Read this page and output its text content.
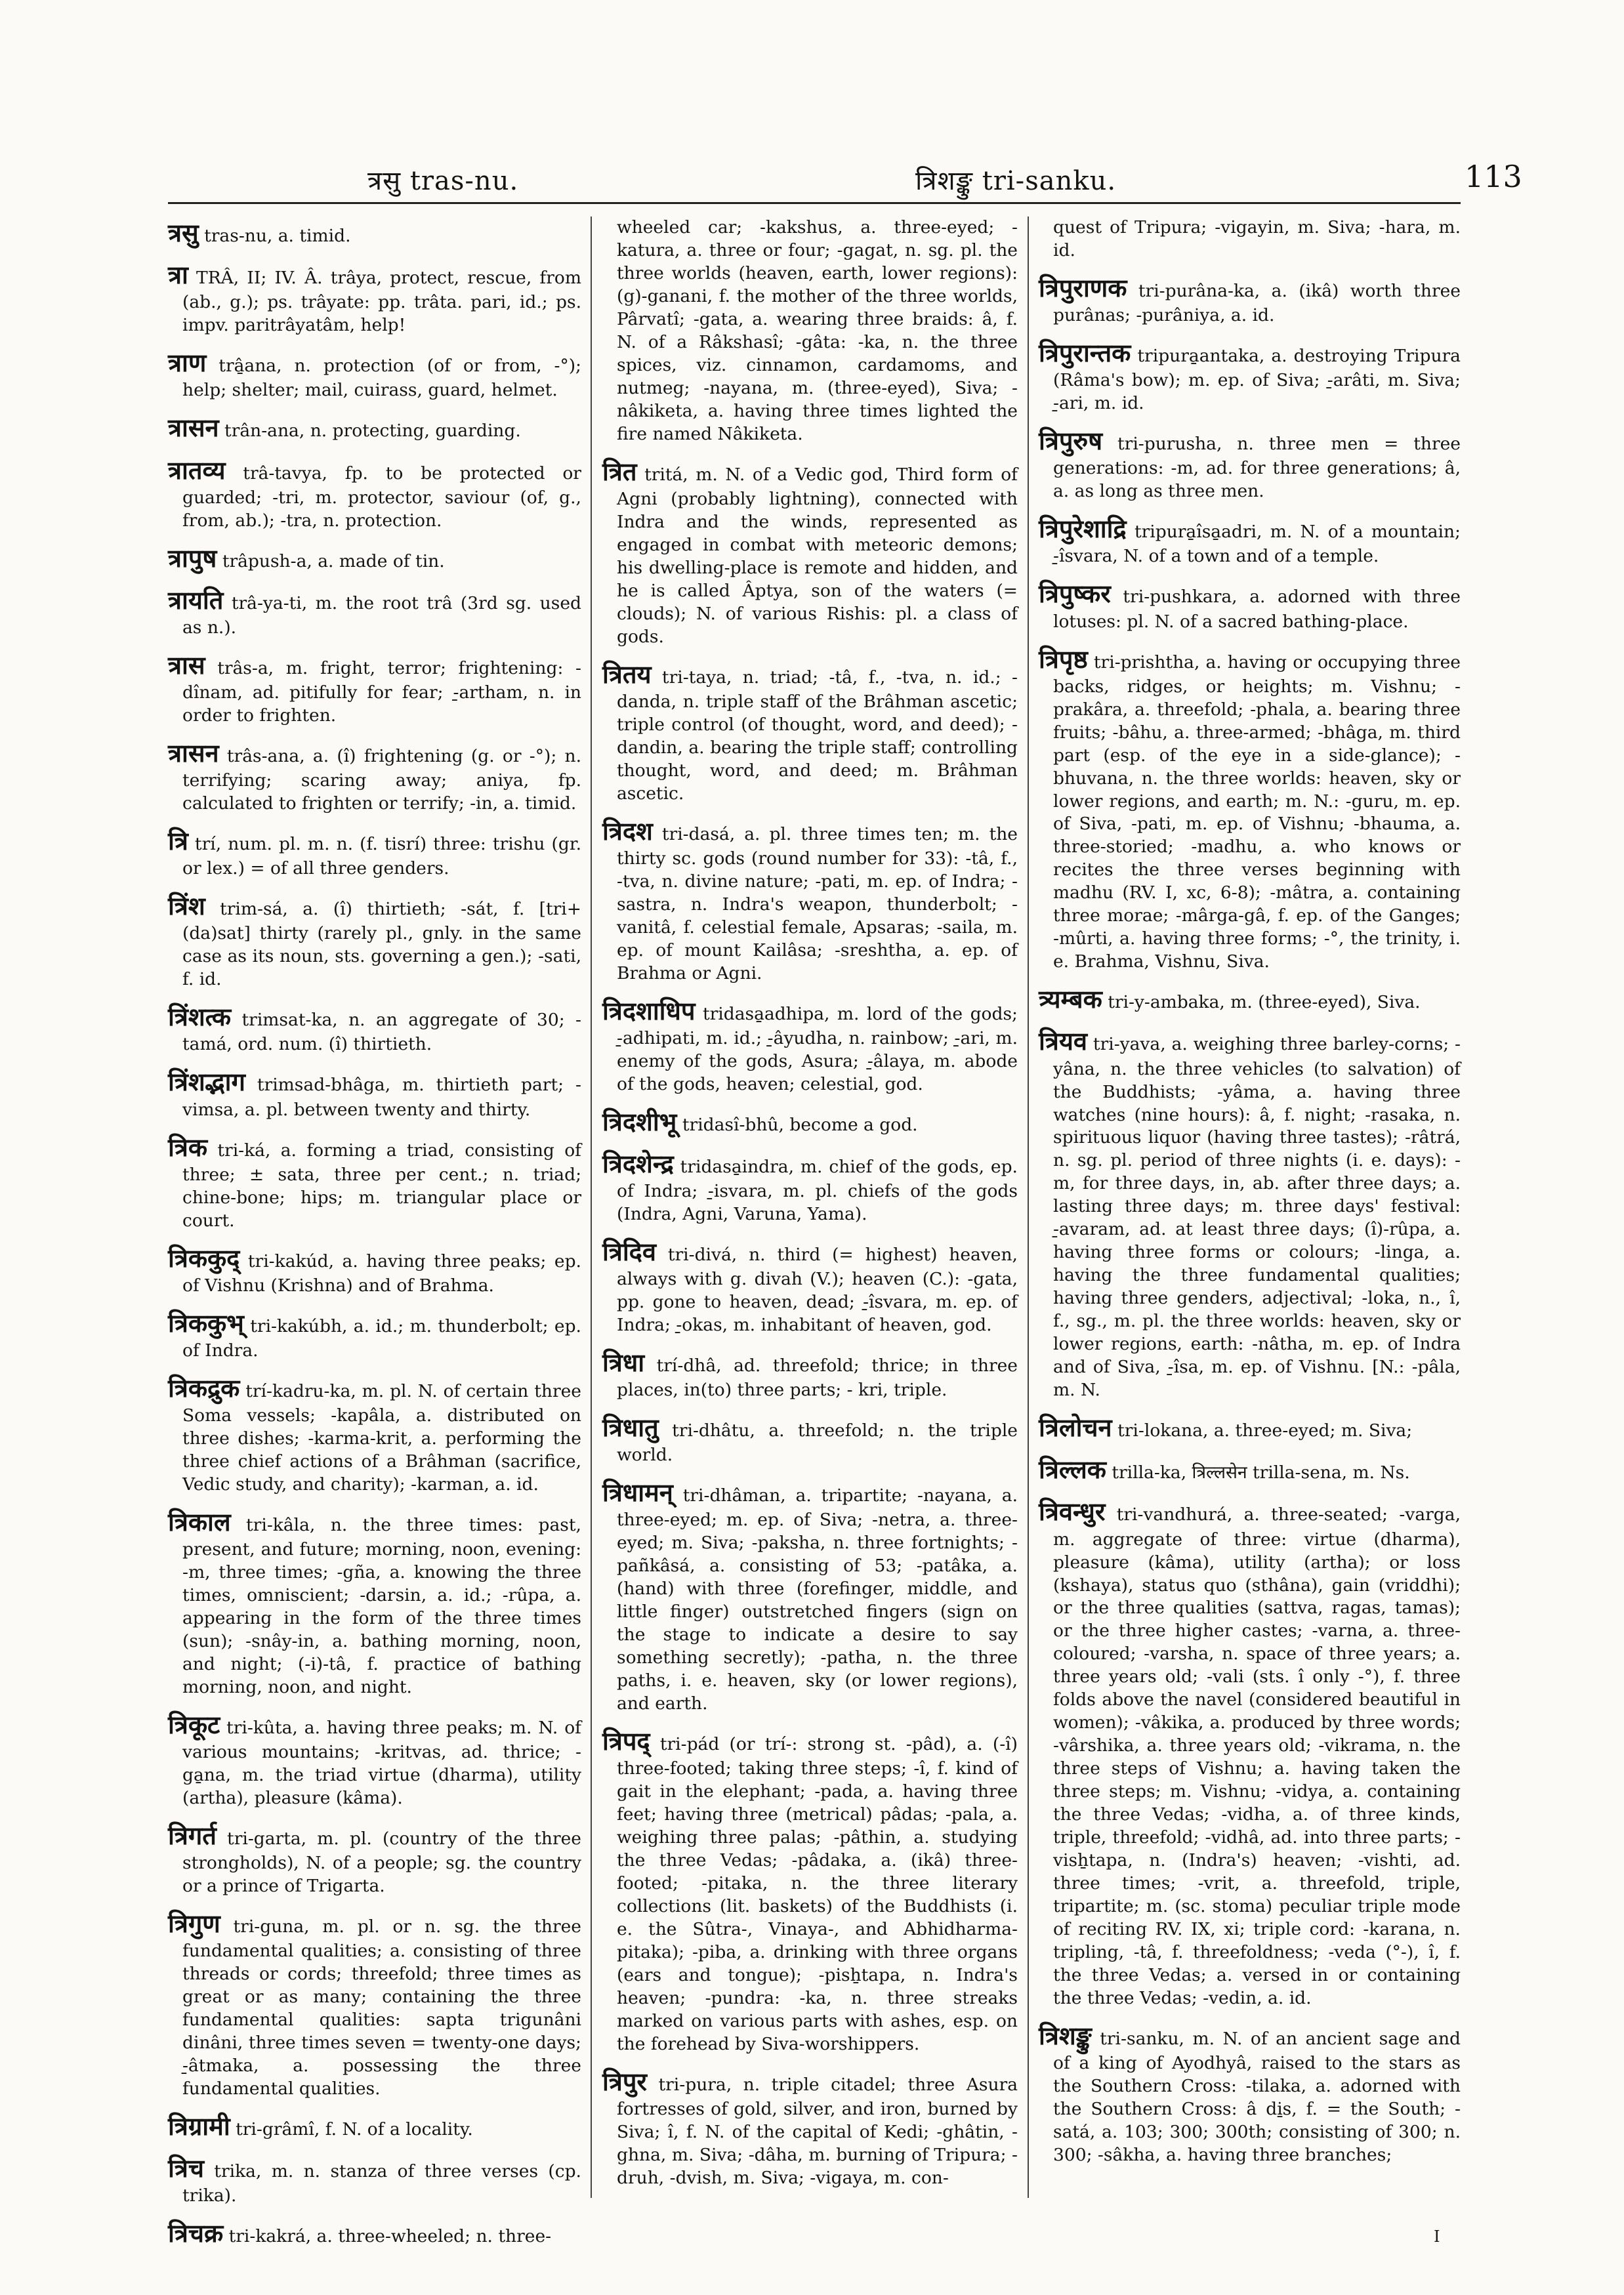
त्रसु tras-nu.	त्रिशङ्कु tri-sanku.	113
त्रसु tras-nu, a. timid.
त्रा TRÂ, II; IV. Â. trâya, protect, rescue, from (ab., g.); ps. trâyate: pp. trâta. pari, id.; ps. impv. paritrâyatâm, help!
त्राण trâ̱ana, n. protection (of or from, -°); help; shelter; mail, cuirass, guard, helmet.
त्रासन trân-ana, n. protecting, guarding.
त्रातव्य trâ-tavya, fp. to be protected or guarded; -tri, m. protector, saviour (of, g., from, ab.); -tra, n. protection.
त्रापुष trâpush-a, a. made of tin.
त्रायति trâ-ya-ti, m. the root trâ (3rd sg. used as n.).
त्रास trâs-a, m. fright, terror; frightening: -dînam, ad. pitifully for fear; -̱artham, n. in order to frighten.
त्रासन trâs-ana, a. (î) frightening (g. or -°); n. terrifying; scaring away; aniya, fp. calculated to frighten or terrify; -in, a. timid.
त्रि trí, num. pl. m. n. (f. tisrí) three: trishu (gr. or lex.) = of all three genders.
त्रिंश trim-sá, a. (î) thirtieth; -sát, f. [tri+(da)sat] thirty (rarely pl., gnly. in the same case as its noun, sts. governing a gen.); -sati, f. id.
त्रिंशत्क trimsat-ka, n. an aggregate of 30; -tamá, ord. num. (î) thirtieth.
त्रिंशद्भाग trimsad-bhâga, m. thirtieth part; -vimsa, a. pl. between twenty and thirty.
त्रिक tri-ká, a. forming a triad, consisting of three; ± sata, three per cent.; n. triad; chine-bone; hips; m. triangular place or court.
त्रिककुद् tri-kakúd, a. having three peaks; ep. of Vishnu (Krishna) and of Brahma.
त्रिककुभ् tri-kakúbh, a. id.; m. thunderbolt; ep. of Indra.
त्रिकद्रुक trí-kadru-ka, m. pl. N. of certain three Soma vessels; -kapâla, a. distributed on three dishes; -karma-krit, a. performing the three chief actions of a Brâhman (sacrifice, Vedic study, and charity); -karman, a. id.
त्रिकाल tri-kâla, n. the three times: past, present, and future; morning, noon, evening: -m, three times; -gña, a. knowing the three times, omniscient; -darsin, a. id.; -rûpa, a. appearing in the form of the three times (sun); -snây-in, a. bathing morning, noon, and night; (-i)-tâ, f. practice of bathing morning, noon, and night.
त्रिकूट tri-kûta, a. having three peaks; m. N. of various mountains; -kritvas, ad. thrice; -ga̱na, m. the triad virtue (dharma), utility (artha), pleasure (kâma).
त्रिगर्त tri-garta, m. pl. (country of the three strongholds), N. of a people; sg. the country or a prince of Trigarta.
त्रिगुण tri-guna, m. pl. or n. sg. the three fundamental qualities; a. consisting of three threads or cords; threefold; three times as great or as many; containing the three fundamental qualities: sapta trigunâni dinâni, three times seven = twenty-one days; -̱âtmaka, a. possessing the three fundamental qualities.
त्रिग्रामी tri-grâmî, f. N. of a locality.
त्रिच trika, m. n. stanza of three verses (cp. trika).
त्रिचक्र tri-kakrá, a. three-wheeled; n. three-
wheeled car; -kakshus, a. three-eyed; -katura, a. three or four; -gagat, n. sg. pl. the three worlds (heaven, earth, lower regions): (g)-ganani, f. the mother of the three worlds, Pârvatî; -gata, a. wearing three braids: â, f. N. of a Râkshasî; -gâta: -ka, n. the three spices, viz. cinnamon, cardamoms, and nutmeg; -nayana, m. (three-eyed), Siva; -nâkiketa, a. having three times lighted the fire named Nâkiketa.
त्रित tritá, m. N. of a Vedic god, Third form of Agni (probably lightning), connected with Indra and the winds, represented as engaged in combat with meteoric demons; his dwelling-place is remote and hidden, and he is called Âptya, son of the waters (= clouds); N. of various Rishis: pl. a class of gods.
त्रितय tri-taya, n. triad; -tâ, f., -tva, n. id.; -danda, n. triple staff of the Brâhman ascetic; triple control (of thought, word, and deed); -dandin, a. bearing the triple staff; controlling thought, word, and deed; m. Brâhman ascetic.
त्रिदश tri-dasá, a. pl. three times ten; m. the thirty sc. gods (round number for 33): -tâ, f., -tva, n. divine nature; -pati, m. ep. of Indra; -sastra, n. Indra's weapon, thunderbolt; -vanitâ, f. celestial female, Apsaras; -saila, m. ep. of mount Kailâsa; -sreshtha, a. ep. of Brahma or Agni.
त्रिदशाधिप tridasa̱adhipa, m. lord of the gods; -̱adhipati, m. id.; -̱âyudha, n. rainbow; -̱ari, m. enemy of the gods, Asura; -̱âlaya, m. abode of the gods, heaven; celestial, god.
त्रिदशीभू tridasî-bhû, become a god.
त्रिदशेन्द्र tridasa̱indra, m. chief of the gods, ep. of Indra; -̱isvara, m. pl. chiefs of the gods (Indra, Agni, Varuna, Yama).
त्रिदिव tri-divá, n. third (= highest) heaven, always with g. divah (V.); heaven (C.): -gata, pp. gone to heaven, dead; -̱îsvara, m. ep. of Indra; -̱okas, m. inhabitant of heaven, god.
त्रिधा trí-dhâ, ad. threefold; thrice; in three places, in(to) three parts; - kri, triple.
त्रिधातु tri-dhâtu, a. threefold; n. the triple world.
त्रिधामन् tri-dhâman, a. tripartite; -nayana, a. three-eyed; m. ep. of Siva; -netra, a. three-eyed; m. Siva; -paksha, n. three fortnights; -pañkâsá, a. consisting of 53; -patâka, a. (hand) with three (forefinger, middle, and little finger) outstretched fingers (sign on the stage to indicate a desire to say something secretly); -patha, n. the three paths, i. e. heaven, sky (or lower regions), and earth.
त्रिपद् tri-pád (or trí-: strong st. -pâd), a. (-î) three-footed; taking three steps; -î, f. kind of gait in the elephant; -pada, a. having three feet; having three (metrical) pâdas; -pala, a. weighing three palas; -pâthin, a. studying the three Vedas; -pâdaka, a. (ikâ) three-footed; -pitaka, n. the three literary collections (lit. baskets) of the Buddhists (i. e. the Sûtra-, Vinaya-, and Abhidharma-pitaka); -piba, a. drinking with three organs (ears and tongue); -pisẖtapa, n. Indra's heaven; -pundra: -ka, n. three streaks marked on various parts with ashes, esp. on the forehead by Siva-worshippers.
त्रिपुर tri-pura, n. triple citadel; three Asura fortresses of gold, silver, and iron, burned by Siva; î, f. N. of the capital of Kedi; -ghâtin, -ghna, m. Siva; -dâha, m. burning of Tripura; -druh, -dvish, m. Siva; -vigaya, m. con-
quest of Tripura; -vigayin, m. Siva; -hara, m. id.
त्रिपुराणक tri-purâna-ka, a. (ikâ) worth three purânas; -purâniya, a. id.
त्रिपुरान्तक tripura̱antaka, a. destroying Tripura (Râma's bow); m. ep. of Siva; -̱arâti, m. Siva; -̱ari, m. id.
त्रिपुरुष tri-purusha, n. three men = three generations: -m, ad. for three generations; â, a. as long as three men.
त्रिपुरेशाद्रि tripura̱îsa̱adri, m. N. of a mountain; -̱îsvara, N. of a town and of a temple.
त्रिपुष्कर tri-pushkara, a. adorned with three lotuses: pl. N. of a sacred bathing-place.
त्रिपृष्ठ tri-prishtha, a. having or occupying three backs, ridges, or heights; m. Vishnu; -prakâra, a. threefold; -phala, a. bearing three fruits; -bâhu, a. three-armed; -bhâga, m. third part (esp. of the eye in a side-glance); -bhuvana, n. the three worlds: heaven, sky or lower regions, and earth; m. N.: -guru, m. ep. of Siva, -pati, m. ep. of Vishnu; -bhauma, a. three-storied; -madhu, a. who knows or recites the three verses beginning with madhu (RV. I, xc, 6-8); -mâtra, a. containing three morae; -mârga-gâ, f. ep. of the Ganges; -mûrti, a. having three forms; -°, the trinity, i. e. Brahma, Vishnu, Siva.
त्र्यम्बक tri-y-ambaka, m. (three-eyed), Siva.
त्रियव tri-yava, a. weighing three barley-corns; -yâna, n. the three vehicles (to salvation) of the Buddhists; -yâma, a. having three watches (nine hours): â, f. night; -rasaka, n. spirituous liquor (having three tastes); -râtrá, n. sg. pl. period of three nights (i. e. days): -m, for three days, in, ab. after three days; a. lasting three days; m. three days' festival: -̱avaram, ad. at least three days; (î)-rûpa, a. having three forms or colours; -linga, a. having the three fundamental qualities; having three genders, adjectival; -loka, n., î, f., sg., m. pl. the three worlds: heaven, sky or lower regions, earth: -nâtha, m. ep. of Indra and of Siva, -̱îsa, m. ep. of Vishnu. [N.: -pâla, m. N.
त्रिलोचन tri-lokana, a. three-eyed; m. Siva;
त्रिल्लक trilla-ka, त्रिल्लसेन trilla-sena, m. Ns.
त्रिवन्धुर tri-vandhurá, a. three-seated; -varga, m. aggregate of three: virtue (dharma), pleasure (kâma), utility (artha); or loss (kshaya), status quo (sthâna), gain (vriddhi); or the three qualities (sattva, ragas, tamas); or the three higher castes; -varna, a. three-coloured; -varsha, n. space of three years; a. three years old; -vali (sts. î only -°), f. three folds above the navel (considered beautiful in women); -vâkika, a. produced by three words; -vârshika, a. three years old; -vikrama, n. the three steps of Vishnu; a. having taken the three steps; m. Vishnu; -vidya, a. containing the three Vedas; -vidha, a. of three kinds, triple, threefold; -vidhâ, ad. into three parts; -visẖtapa, n. (Indra's) heaven; -vishti, ad. three times; -vrit, a. threefold, triple, tripartite; m. (sc. stoma) peculiar triple mode of reciting RV. IX, xi; triple cord: -karana, n. tripling, -tâ, f. threefoldness; -veda (°-), î, f. the three Vedas; a. versed in or containing the three Vedas; -vedin, a. id.
त्रिशङ्कु tri-sanku, m. N. of an ancient sage and of a king of Ayodhyâ, raised to the stars as the Southern Cross: -tilaka, a. adorned with the Southern Cross: â di̱s, f. = the South; -satá, a. 103; 300; 300th; consisting of 300; n. 300; -sâkha, a. having three branches;
I
